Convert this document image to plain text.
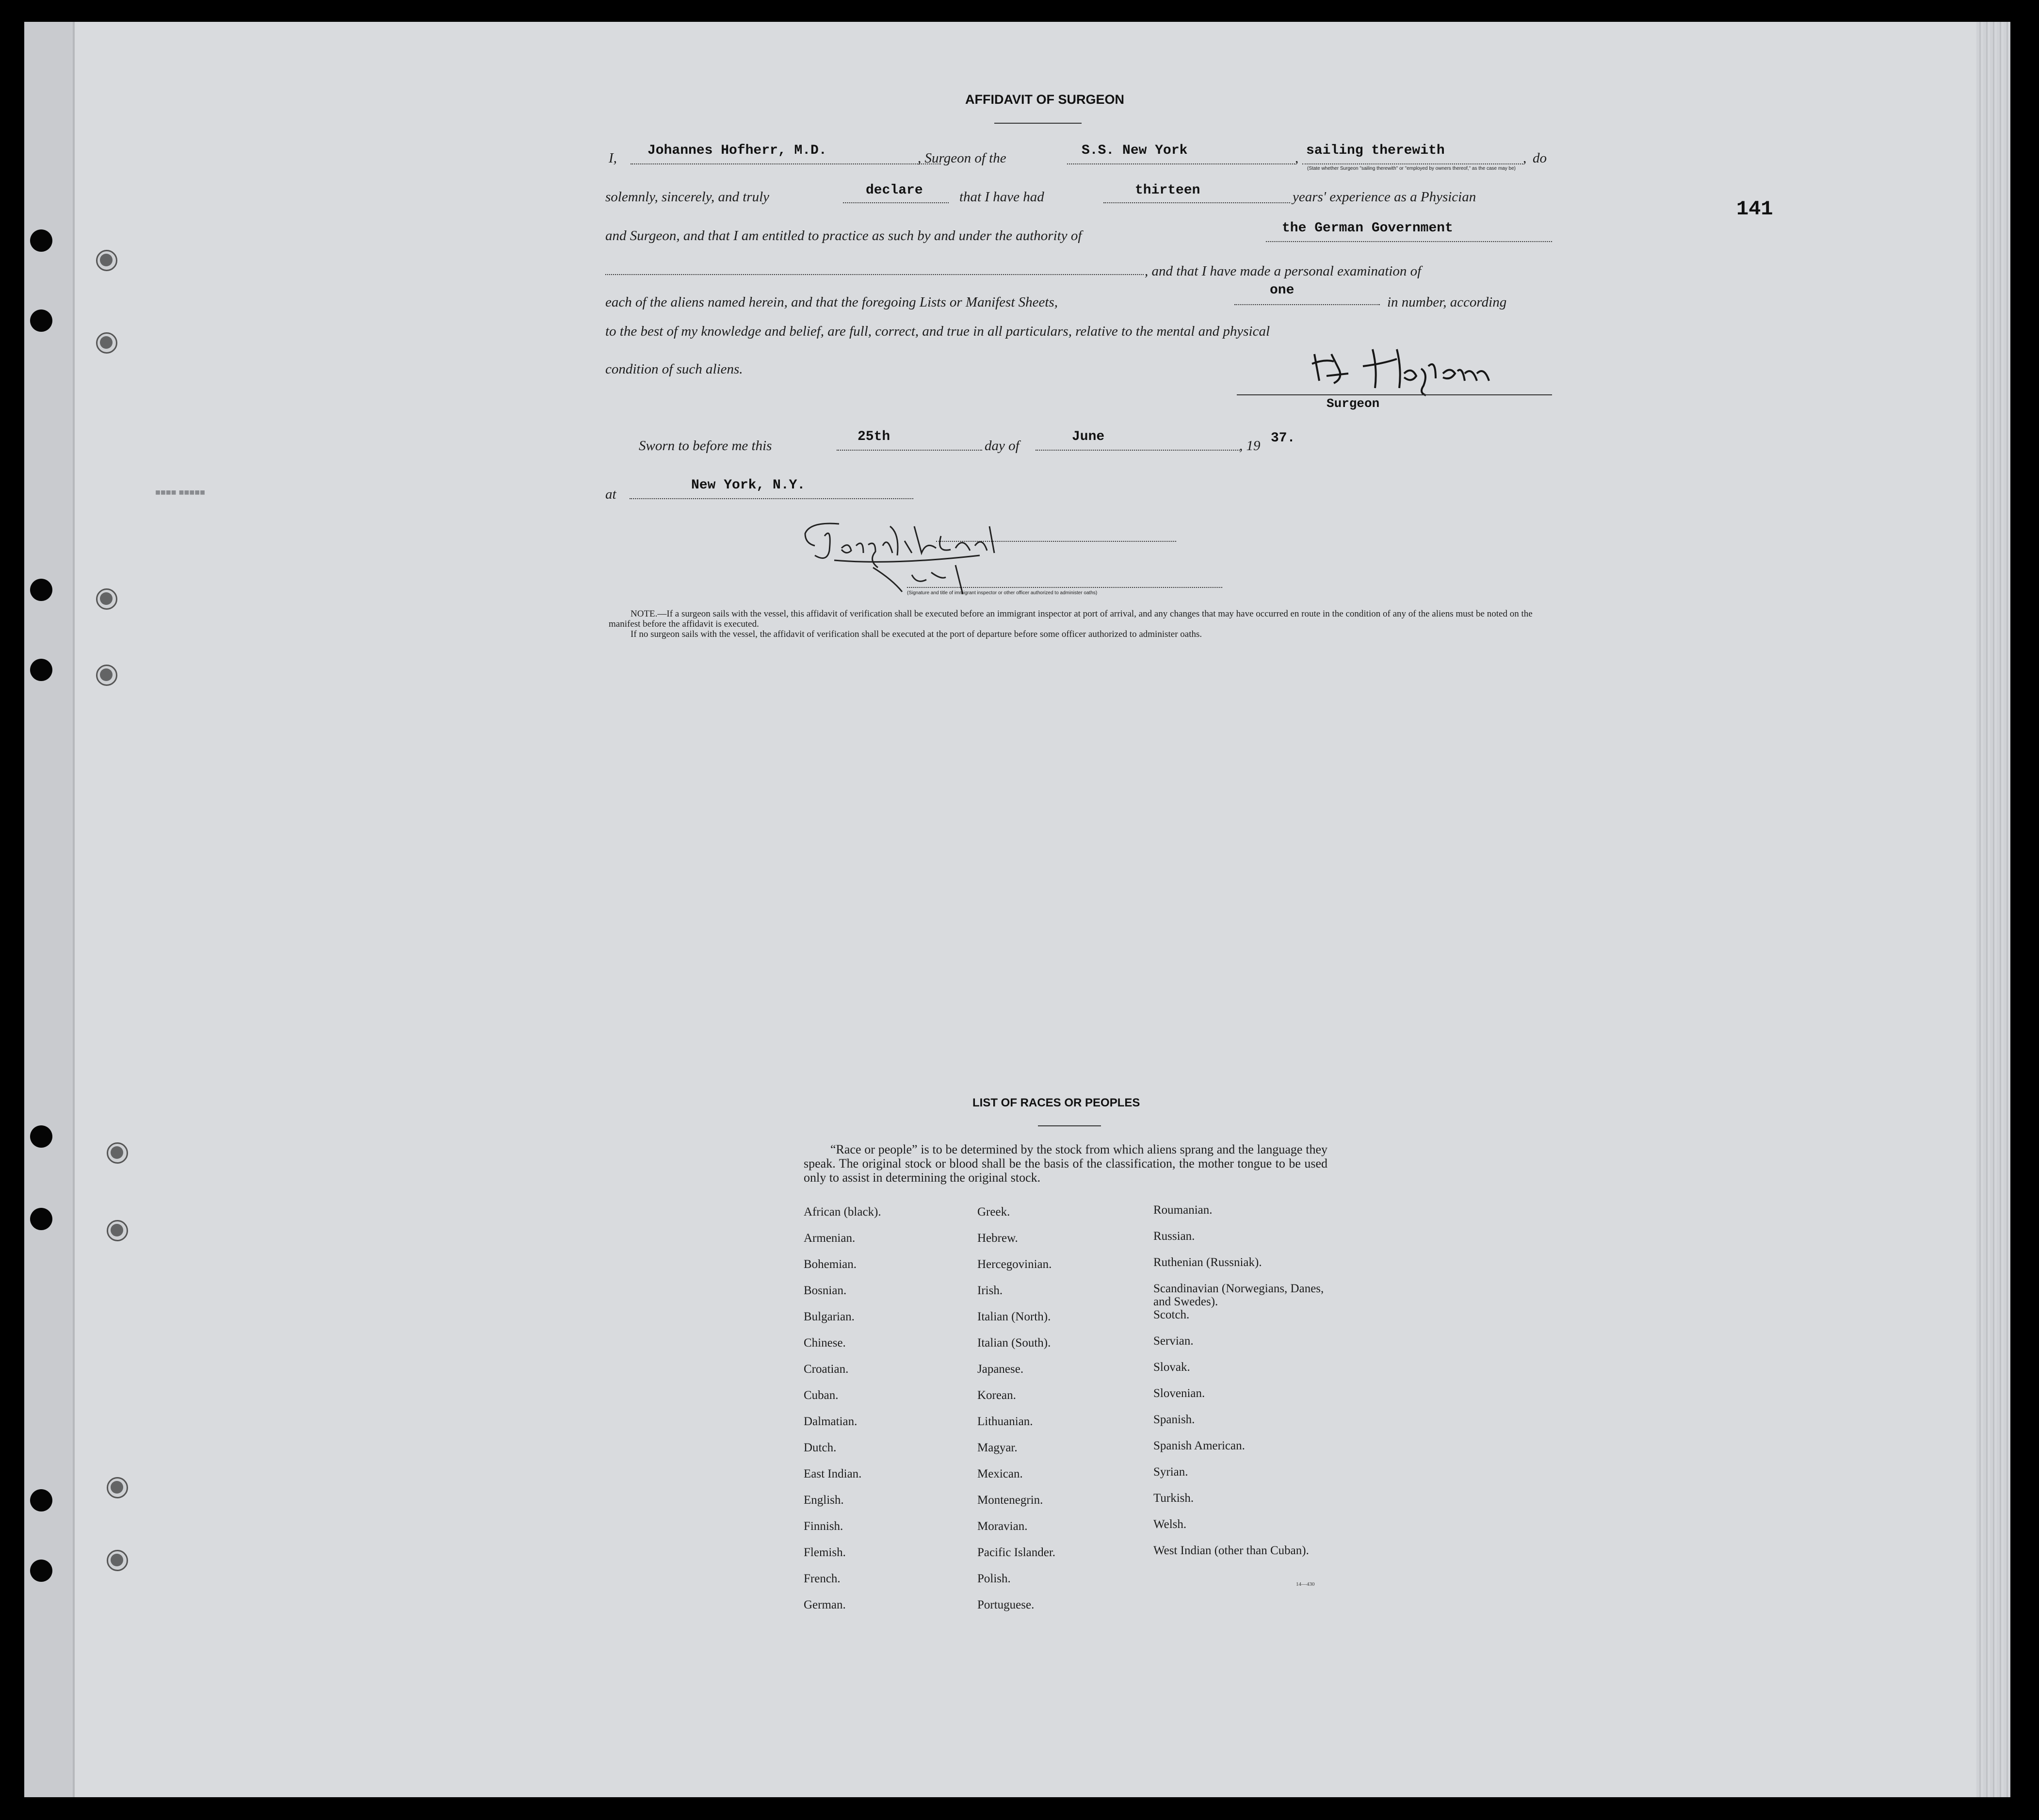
■■■■■ ■■■■
141
AFFIDAVIT OF SURGEON
I, Johannes Hofherr, M.D.	, Surgeon of the	S.S. New York	, sailing therewith	, do
(State whether Surgeon "sailing therewith" or "employed by owners thereof," as the case may be)
solemnly, sincerely, and truly	declare	that I have had	thirteen	years' experience as a Physician
and Surgeon, and that I am entitled to practice as such by and under the authority of	the German Government
, and that I have made a personal examination of
each of the aliens named herein, and that the foregoing Lists or Manifest Sheets,
one
in number, according
to the best of my knowledge and belief, are full, correct, and true in all particulars, relative to the mental and physical
condition of such aliens.
Surgeon
Sworn to before me this
25th
day of
June
, 19 37.
at
New York, N.Y.
(Signature and title of immigrant inspector or other officer authorized to administer oaths)
NOTE.—If a surgeon sails with the vessel, this affidavit of verification shall be executed before an immigrant inspector at port of arrival, and any changes that may have occurred en route in the condition of any of the aliens must be noted on the manifest before the affidavit is executed.
If no surgeon sails with the vessel, the affidavit of verification shall be executed at the port of departure before some officer authorized to administer oaths.
LIST OF RACES OR PEOPLES
“Race or people” is to be determined by the stock from which aliens sprang and the language they speak. The original stock or blood shall be the basis of the classification, the mother tongue to be used only to assist in determining the original stock.
African (black).
Armenian.
Bohemian.
Bosnian.
Bulgarian.
Chinese.
Croatian.
Cuban.
Dalmatian.
Dutch.
East Indian.
English.
Finnish.
Flemish.
French.
German.
Greek.
Hebrew.
Hercegovinian.
Irish.
Italian (North).
Italian (South).
Japanese.
Korean.
Lithuanian.
Magyar.
Mexican.
Montenegrin.
Moravian.
Pacific Islander.
Polish.
Portuguese.
Roumanian.
Russian.
Ruthenian (Russniak).
Scandinavian (Norwegians, Danes, and Swedes).
Scotch.
Servian.
Slovak.
Slovenian.
Spanish.
Spanish American.
Syrian.
Turkish.
Welsh.
West Indian (other than Cuban).
14—430
